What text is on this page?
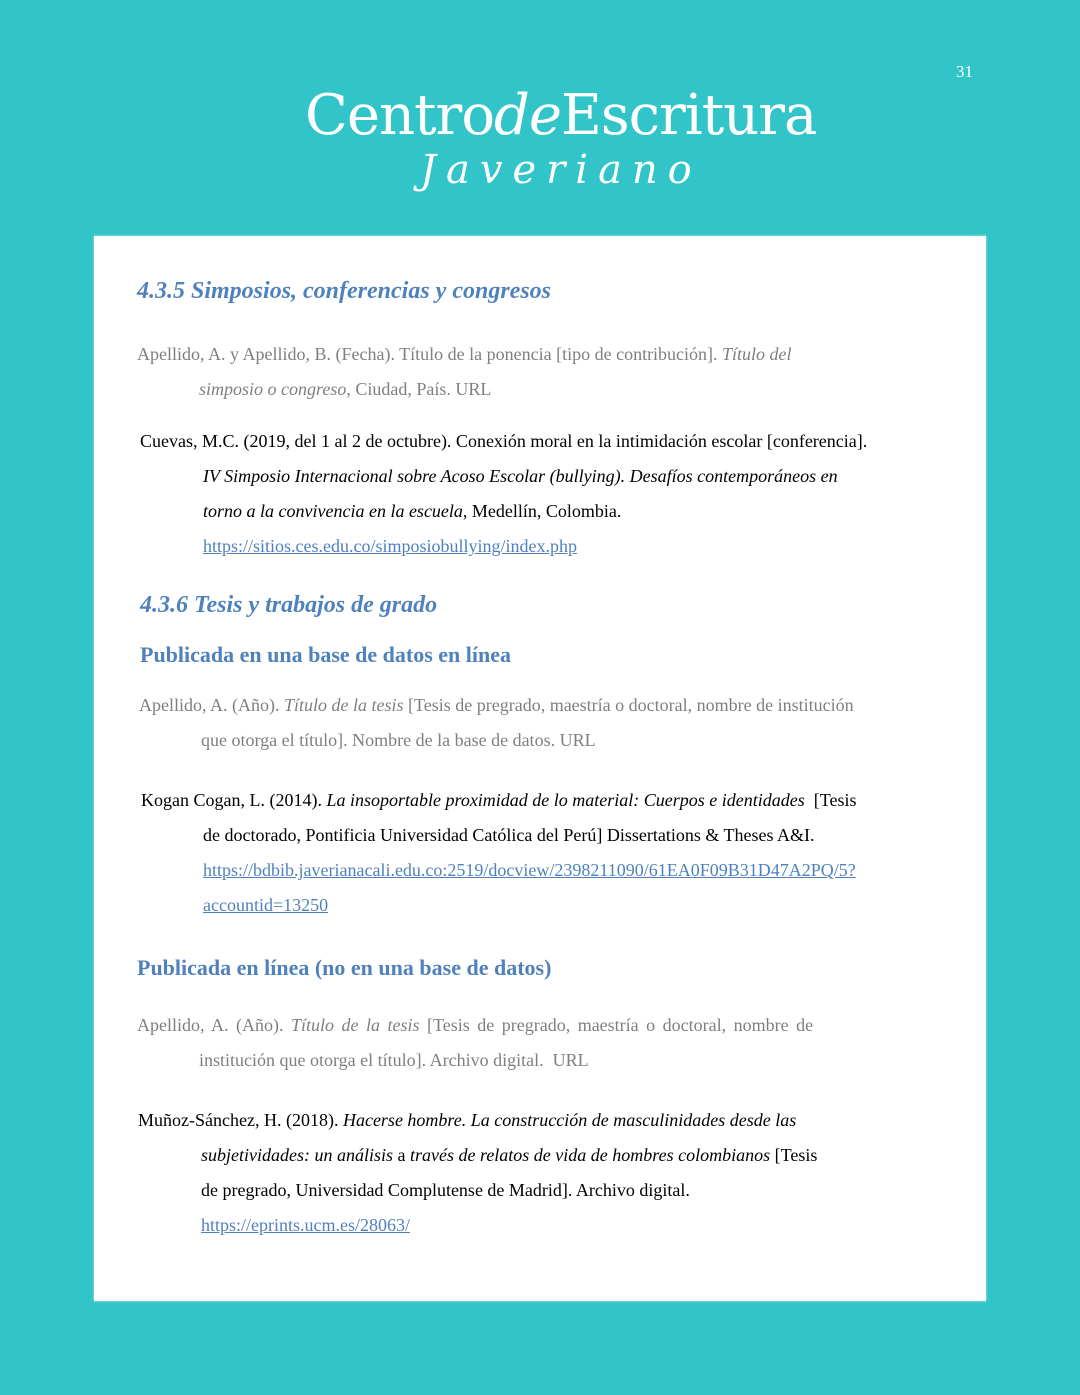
31
CentrodeEscritura
Javeriano
4.3.5 Simposios, conferencias y congresos
Apellido, A. y Apellido, B. (Fecha). Título de la ponencia [tipo de contribución]. Título del
simposio o congreso, Ciudad, País. URL
Cuevas, M.C. (2019, del 1 al 2 de octubre). Conexión moral en la intimidación escolar [conferencia].
IV Simposio Internacional sobre Acoso Escolar (bullying). Desafíos contemporáneos en
torno a la convivencia en la escuela, Medellín, Colombia.
https://sitios.ces.edu.co/simposiobullying/index.php
4.3.6 Tesis y trabajos de grado
Publicada en una base de datos en línea
Apellido, A. (Año). Título de la tesis [Tesis de pregrado, maestría o doctoral, nombre de institución
que otorga el título]. Nombre de la base de datos. URL
Kogan Cogan, L. (2014). La insoportable proximidad de lo material: Cuerpos e identidades  [Tesis
de doctorado, Pontificia Universidad Católica del Perú] Dissertations & Theses A&I.
https://bdbib.javerianacali.edu.co:2519/docview/2398211090/61EA0F09B31D47A2PQ/5?
accountid=13250
Publicada en línea (no en una base de datos)
Apellido, A. (Año). Título de la tesis [Tesis de pregrado, maestría o doctoral, nombre de
institución que otorga el título]. Archivo digital.  URL
Muñoz-Sánchez, H. (2018). Hacerse hombre. La construcción de masculinidades desde las
subjetividades: un análisis a través de relatos de vida de hombres colombianos [Tesis
de pregrado, Universidad Complutense de Madrid]. Archivo digital.
https://eprints.ucm.es/28063/
